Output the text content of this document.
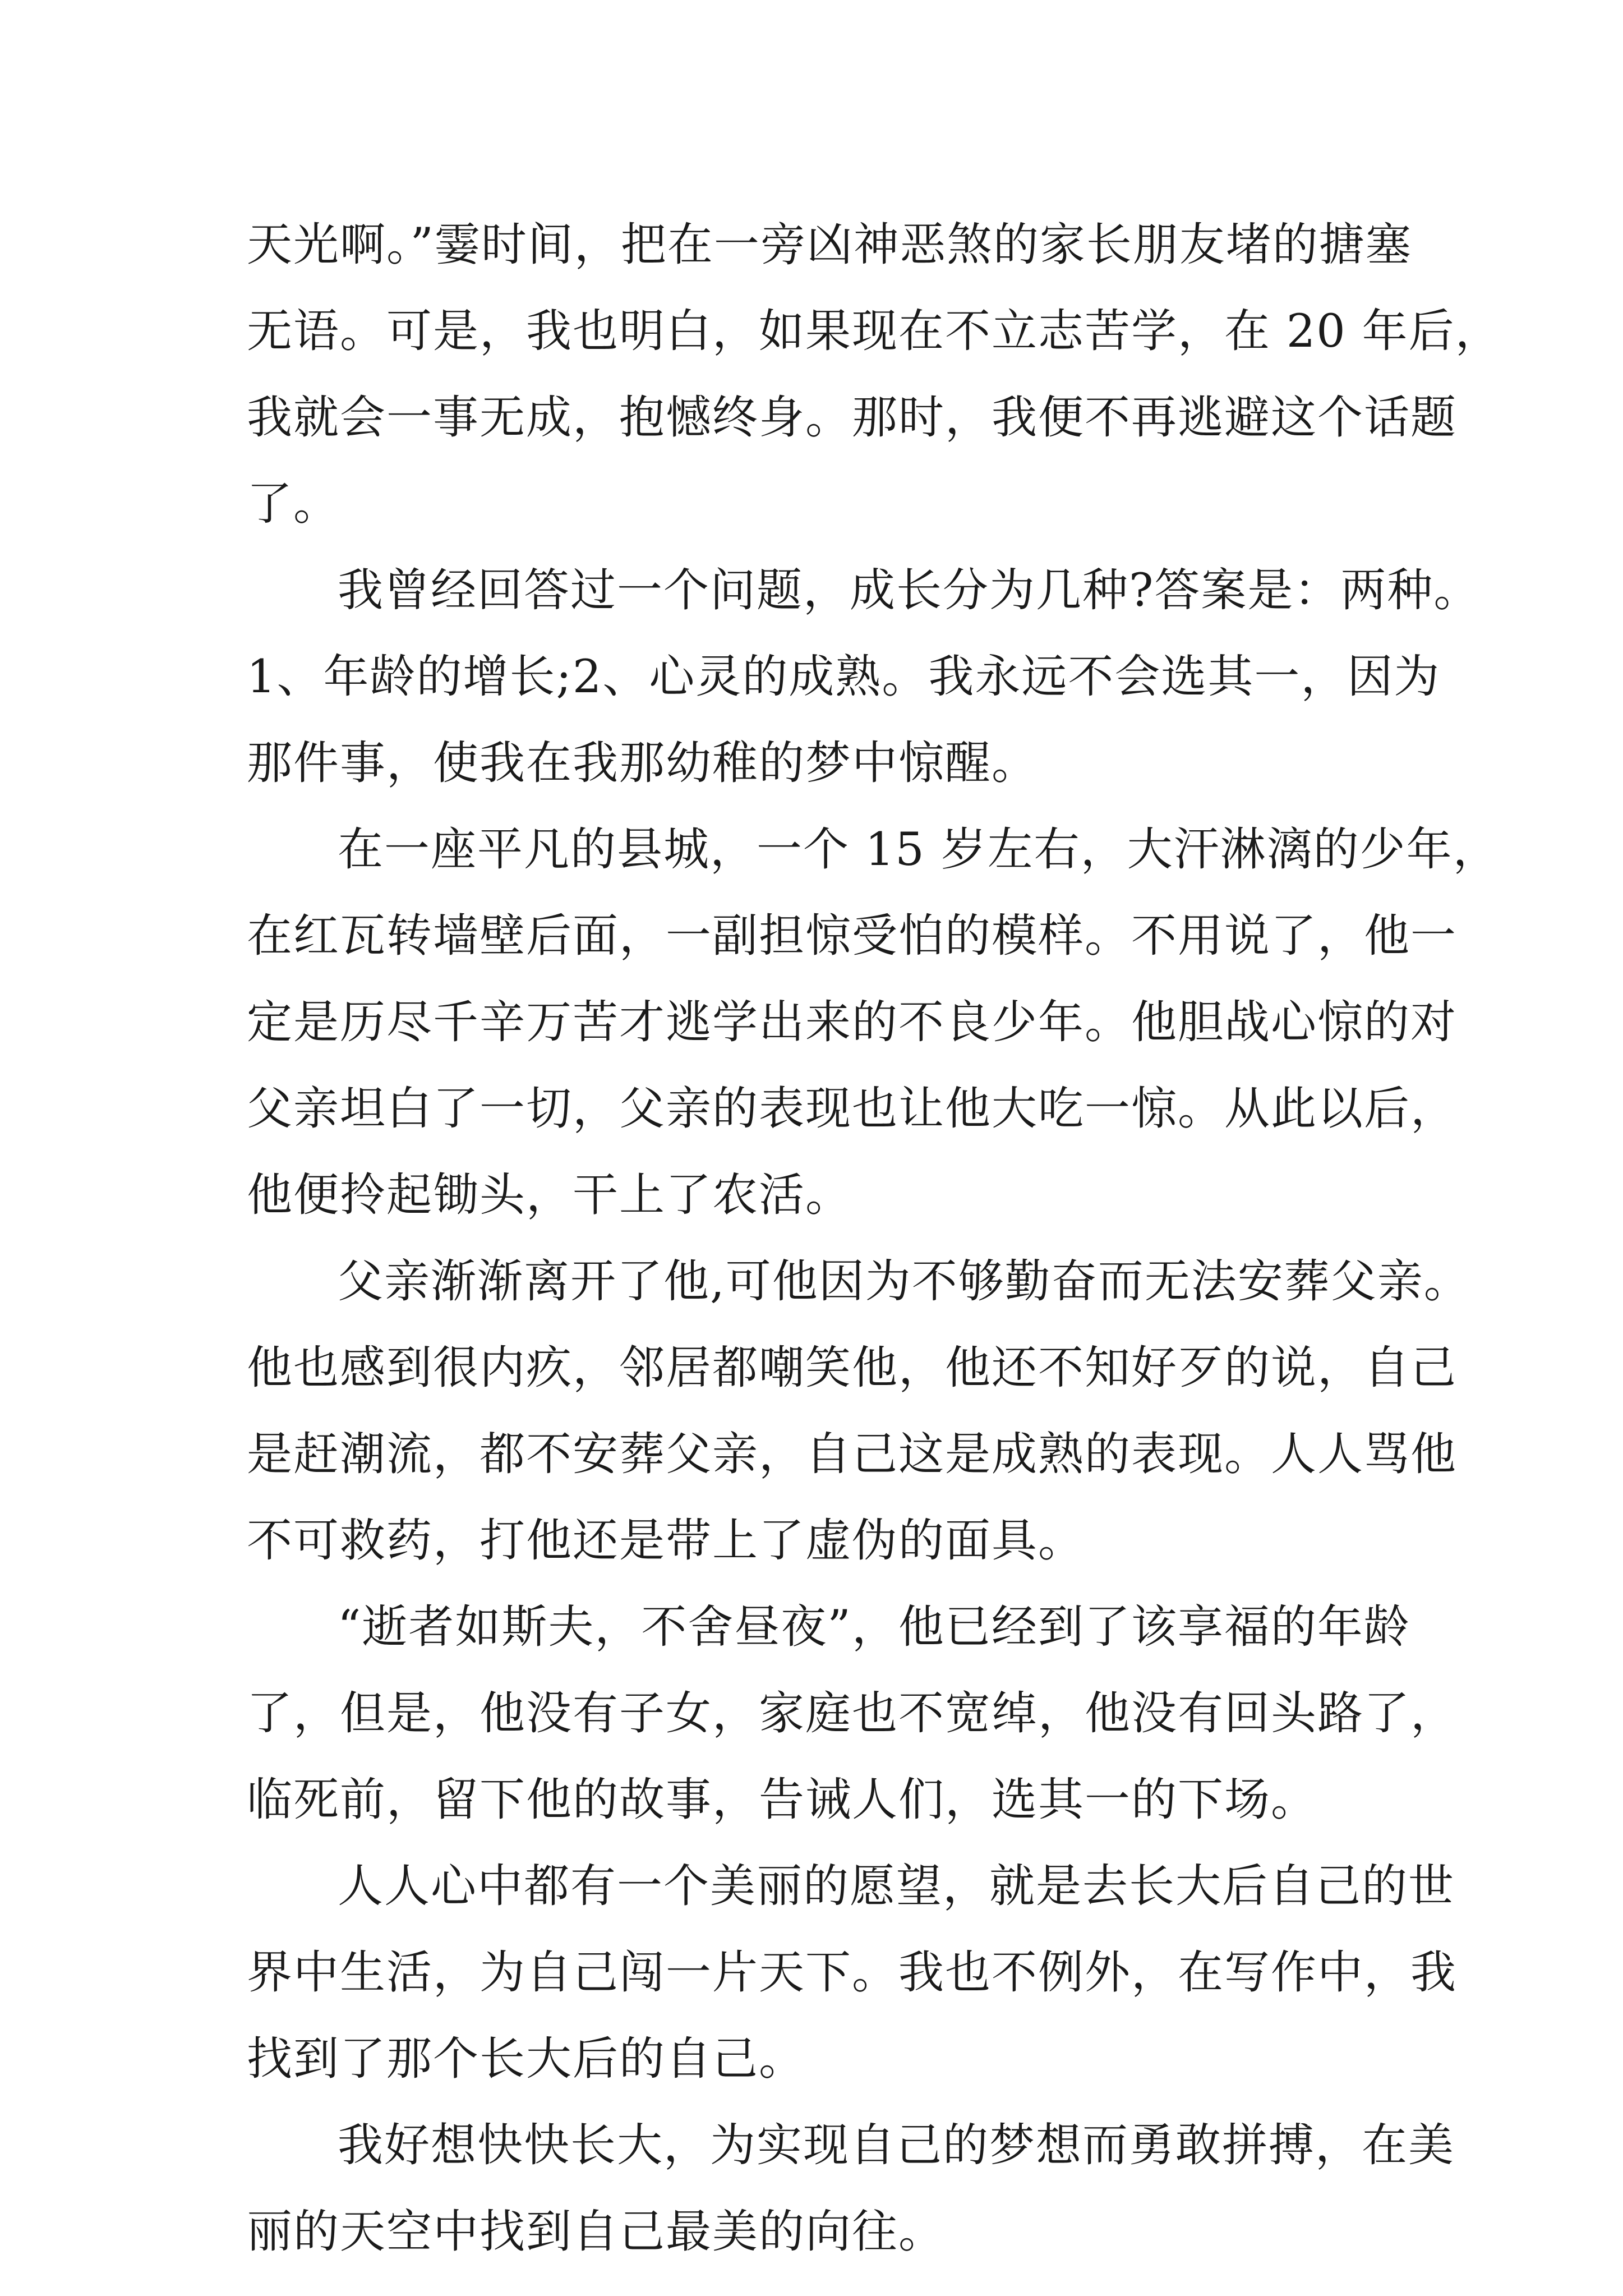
天光啊。”霎时间，把在一旁凶神恶煞的家长朋友堵的搪塞
无语。可是，我也明白，如果现在不立志苦学，在 20 年后，
我就会一事无成，抱憾终身。那时，我便不再逃避这个话题
了。
我曾经回答过一个问题，成长分为几种?答案是：两种。
1、年龄的增长;2、心灵的成熟。我永远不会选其一，因为
那件事，使我在我那幼稚的梦中惊醒。
在一座平凡的县城，一个 15 岁左右，大汗淋漓的少年，
在红瓦转墙壁后面，一副担惊受怕的模样。不用说了，他一
定是历尽千辛万苦才逃学出来的不良少年。他胆战心惊的对
父亲坦白了一切，父亲的表现也让他大吃一惊。从此以后，
他便拎起锄头，干上了农活。
父亲渐渐离开了他,可他因为不够勤奋而无法安葬父亲。
他也感到很内疚，邻居都嘲笑他，他还不知好歹的说，自己
是赶潮流，都不安葬父亲，自己这是成熟的表现。人人骂他
不可救药，打他还是带上了虚伪的面具。
“逝者如斯夫，不舍昼夜”，他已经到了该享福的年龄
了，但是，他没有子女，家庭也不宽绰，他没有回头路了，
临死前，留下他的故事，告诫人们，选其一的下场。
人人心中都有一个美丽的愿望，就是去长大后自己的世
界中生活，为自己闯一片天下。我也不例外，在写作中，我
找到了那个长大后的自己。
我好想快快长大，为实现自己的梦想而勇敢拼搏，在美
丽的天空中找到自己最美的向往。
